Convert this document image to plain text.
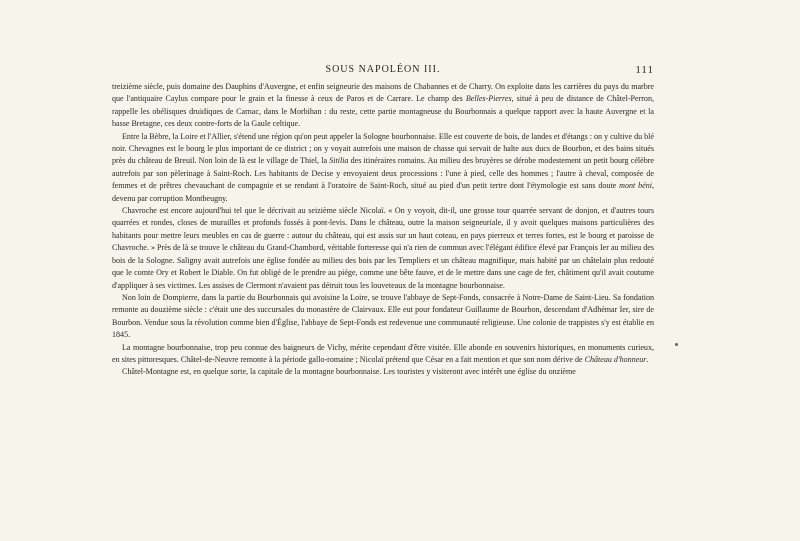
SOUS NAPOLÉON III.	111

treizième siècle, puis domaine des Dauphins d'Auvergne, et enfin seigneurie des maisons de Chabannes et de Charry. On exploite dans les carrières du pays du marbre que l'antiquaire Caylus compare pour le grain et la finesse à ceux de Paros et de Carrare. Le champ des Belles-Pierres, situé à peu de distance de Châtel-Perron, rappelle les obélisques druidiques de Carnac, dans le Morbihan : du reste, cette partie montagneuse du Bourbonnais a quelque rapport avec la haute Auvergne et la basse Bretagne, ces deux contre-forts de la Gaule celtique.

Entre la Bèbre, la Loire et l'Allier, s'étend une région qu'on peut appeler la Sologne bourbonnaise. Elle est couverte de bois, de landes et d'étangs : on y cultive du blé noir. Chevagnes est le bourg le plus important de ce district ; on y voyait autrefois une maison de chasse qui servait de halte aux ducs de Bourbon, et des bains situés près du château de Breuil. Non loin de là est le village de Thiel, la Sitilia des itinéraires romains. Au milieu des bruyères se dérobe modestement un petit bourg célèbre autrefois par son pèlerinage à Saint-Roch. Les habitants de Decise y envoyaient deux processions : l'une à pied, celle des hommes ; l'autre à cheval, composée de femmes et de prêtres chevauchant de compagnie et se rendant à l'oratoire de Saint-Roch, situé au pied d'un petit tertre dont l'étymologie est sans doute mont béni, devenu par corruption Montbeugny.

Chavroche est encore aujourd'hui tel que le décrivait au seizième siècle Nicolaï. « On y voyoit, dit-il, une grosse tour quarrée servant de donjon, et d'autres tours quarrées et rondes, closes de murailles et profonds fossés à pont-levis. Dans le château, outre la maison seigneuriale, il y avoit quelques maisons particulières des habitants pour mettre leurs meubles en cas de guerre : autour du château, qui est assis sur un haut coteau, en pays pierreux et terres fortes, est le bourg et paroisse de Chavroche. » Près de là se trouve le château du Grand-Chambord, véritable forteresse qui n'a rien de commun avec l'élégant édifice élevé par François Ier au milieu des bois de la Sologne. Saligny avait autrefois une église fondée au milieu des bois par les Templiers et un château magnifique, mais habité par un châtelain plus redouté que le comte Ory et Robert le Diable. On fut obligé de le prendre au piége, comme une bête fauve, et de le mettre dans une cage de fer, châtiment qu'il avait coutume d'appliquer à ses victimes. Les assises de Clermont n'avaient pas détruit tous les louveteaux de la montagne bourbonnaise.

Non loin de Dompierre, dans la partie du Bourbonnais qui avoisine la Loire, se trouve l'abbaye de Sept-Fonds, consacrée à Notre-Dame de Saint-Lieu. Sa fondation remonte au douzième siècle : c'était une des succursales du monastère de Clairvaux. Elle eut pour fondateur Guillaume de Bourbon, descendant d'Adhémar Ier, sire de Bourbon. Vendue sous la révolution comme bien d'Église, l'abbaye de Sept-Fonds est redevenue une communauté religieuse. Une colonie de trappistes s'y est établie en 1845.

La montagne bourbonnaise, trop peu connue des baigneurs de Vichy, mérite cependant d'être visitée. Elle abonde en souvenirs historiques, en monuments curieux, en sites pittoresques. Châtel-de-Neuvre remonte à la période gallo-romaine ; Nicolaï prétend que César en a fait mention et que son nom dérive de Château d'honneur.

Châtel-Montagne est, en quelque sorte, la capitale de la montagne bourbonnaise. Les touristes y visiteront avec intérêt une église du onzième
